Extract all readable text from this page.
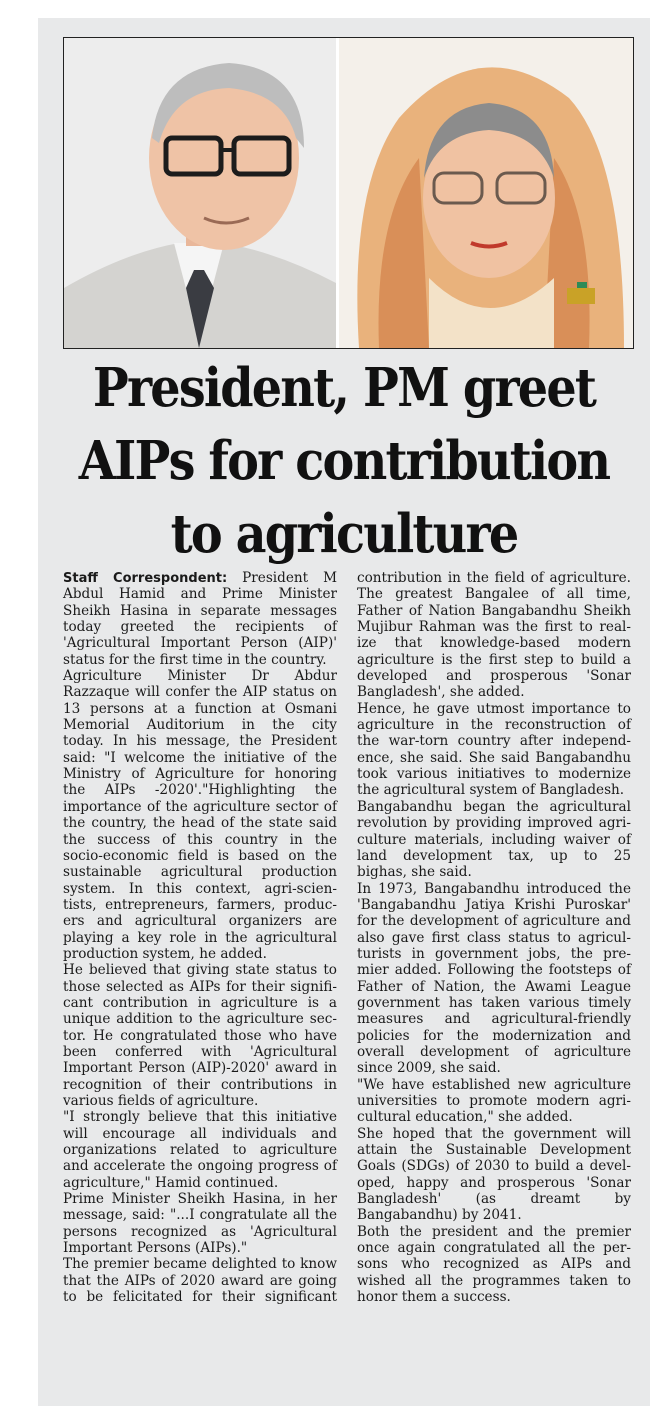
President, PM greet
AIPs for contribution
to agriculture
Staff Correspondent: President M
Abdul Hamid and Prime Minister
Sheikh Hasina in separate messages
today greeted the recipients of
'Agricultural Important Person (AIP)'
status for the first time in the country.
Agriculture Minister Dr Abdur
Razzaque will confer the AIP status on
13 persons at a function at Osmani
Memorial Auditorium in the city
today. In his message, the President
said: "I welcome the initiative of the
Ministry of Agriculture for honoring
the AIPs -2020'."Highlighting the
importance of the agriculture sector of
the country, the head of the state said
the success of this country in the
socio-economic field is based on the
sustainable agricultural production
system. In this context, agri-scien-
tists, entrepreneurs, farmers, produc-
ers and agricultural organizers are
playing a key role in the agricultural
production system, he added.
He believed that giving state status to
those selected as AIPs for their signifi-
cant contribution in agriculture is a
unique addition to the agriculture sec-
tor. He congratulated those who have
been conferred with 'Agricultural
Important Person (AIP)-2020' award in
recognition of their contributions in
various fields of agriculture.
"I strongly believe that this initiative
will encourage all individuals and
organizations related to agriculture
and accelerate the ongoing progress of
agriculture," Hamid continued.
Prime Minister Sheikh Hasina, in her
message, said: "...I congratulate all the
persons recognized as 'Agricultural
Important Persons (AIPs)."
The premier became delighted to know
that the AIPs of 2020 award are going
to be felicitated for their significant
contribution in the field of agriculture.
The greatest Bangalee of all time,
Father of Nation Bangabandhu Sheikh
Mujibur Rahman was the first to real-
ize that knowledge-based modern
agriculture is the first step to build a
developed and prosperous 'Sonar
Bangladesh', she added.
Hence, he gave utmost importance to
agriculture in the reconstruction of
the war-torn country after independ-
ence, she said. She said Bangabandhu
took various initiatives to modernize
the agricultural system of Bangladesh.
Bangabandhu began the agricultural
revolution by providing improved agri-
culture materials, including waiver of
land development tax, up to 25
bighas, she said.
In 1973, Bangabandhu introduced the
'Bangabandhu Jatiya Krishi Puroskar'
for the development of agriculture and
also gave first class status to agricul-
turists in government jobs, the pre-
mier added. Following the footsteps of
Father of Nation, the Awami League
government has taken various timely
measures and agricultural-friendly
policies for the modernization and
overall development of agriculture
since 2009, she said.
"We have established new agriculture
universities to promote modern agri-
cultural education," she added.
She hoped that the government will
attain the Sustainable Development
Goals (SDGs) of 2030 to build a devel-
oped, happy and prosperous 'Sonar
Bangladesh' (as dreamt by
Bangabandhu) by 2041.
Both the president and the premier
once again congratulated all the per-
sons who recognized as AIPs and
wished all the programmes taken to
honor them a success.
